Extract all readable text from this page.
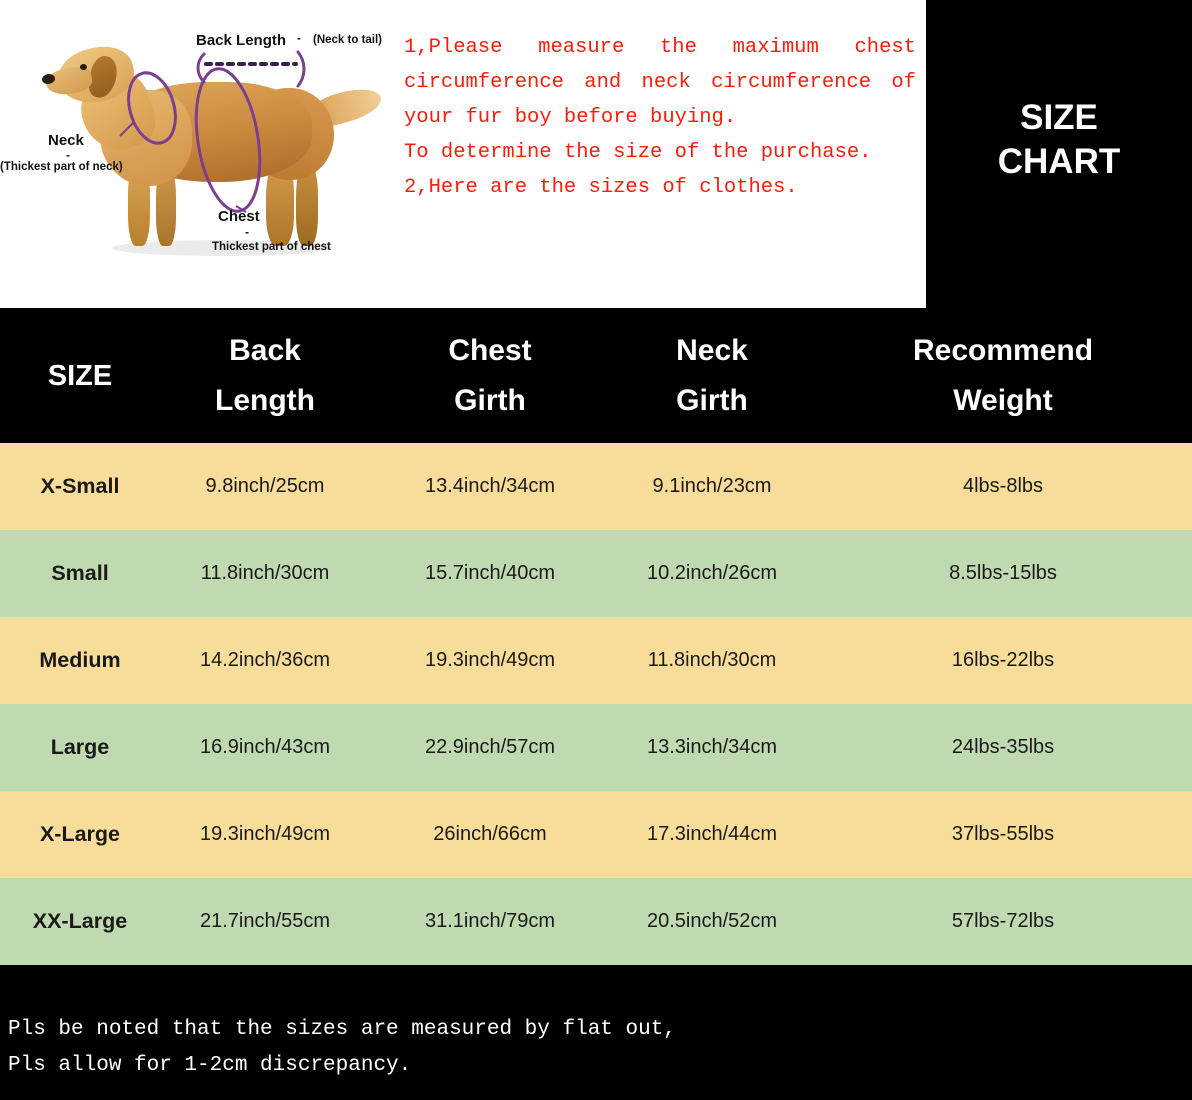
Back Length (Neck to tail)
-
Neck
-
(Thickest part of neck)
Chest
-
Thickest part of chest

1,Please measure the maximum chest circumference and neck circumference of your fur boy before buying.

To determine the size of the purchase.

2,Here are the sizes of clothes.

SIZE
CHART
SIZE	
Back
Length

Chest
Girth

Neck
Girth

Recommend
Weight

X-Small	9.8inch/25cm	13.4inch/34cm	9.1inch/23cm	4lbs-8lbs
Small	11.8inch/30cm	15.7inch/40cm	10.2inch/26cm	8.5lbs-15lbs
Medium	14.2inch/36cm	19.3inch/49cm	11.8inch/30cm	16lbs-22lbs
Large	16.9inch/43cm	22.9inch/57cm	13.3inch/34cm	24lbs-35lbs
X-Large	19.3inch/49cm	26inch/66cm	17.3inch/44cm	37lbs-55lbs
XX-Large	21.7inch/55cm	31.1inch/79cm	20.5inch/52cm	57lbs-72lbs

Pls be noted that the sizes are measured by flat out,

Pls allow for 1-2cm discrepancy.
